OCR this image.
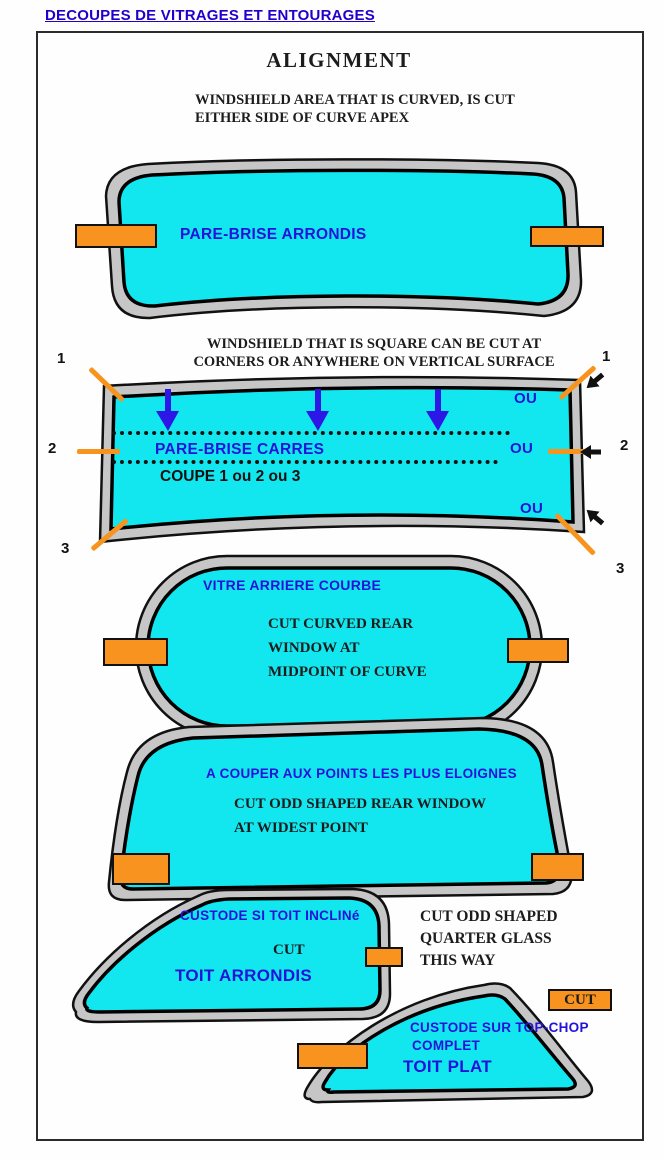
DECOUPES DE VITRAGES ET ENTOURAGES
ALIGNMENT
WINDSHIELD AREA THAT IS CURVED, IS CUT
EITHER SIDE OF CURVE APEX
PARE-BRISE ARRONDIS
WINDSHIELD THAT IS SQUARE CAN BE CUT AT
CORNERS OR ANYWHERE ON VERTICAL SURFACE
PARE-BRISE CARRES
COUPE 1 ou 2 ou 3
OU
OU
OU
1
2
3
1
2
3
VITRE ARRIERE COURBE
CUT CURVED REAR
WINDOW AT
MIDPOINT OF CURVE
A COUPER AUX POINTS LES PLUS ELOIGNES
CUT ODD SHAPED REAR WINDOW
AT WIDEST POINT
CUSTODE SI TOIT INCLINé
CUT
TOIT ARRONDIS
CUT ODD SHAPED
QUARTER GLASS
THIS WAY
CUT
CUSTODE SUR TOP-CHOP
COMPLET
TOIT PLAT
